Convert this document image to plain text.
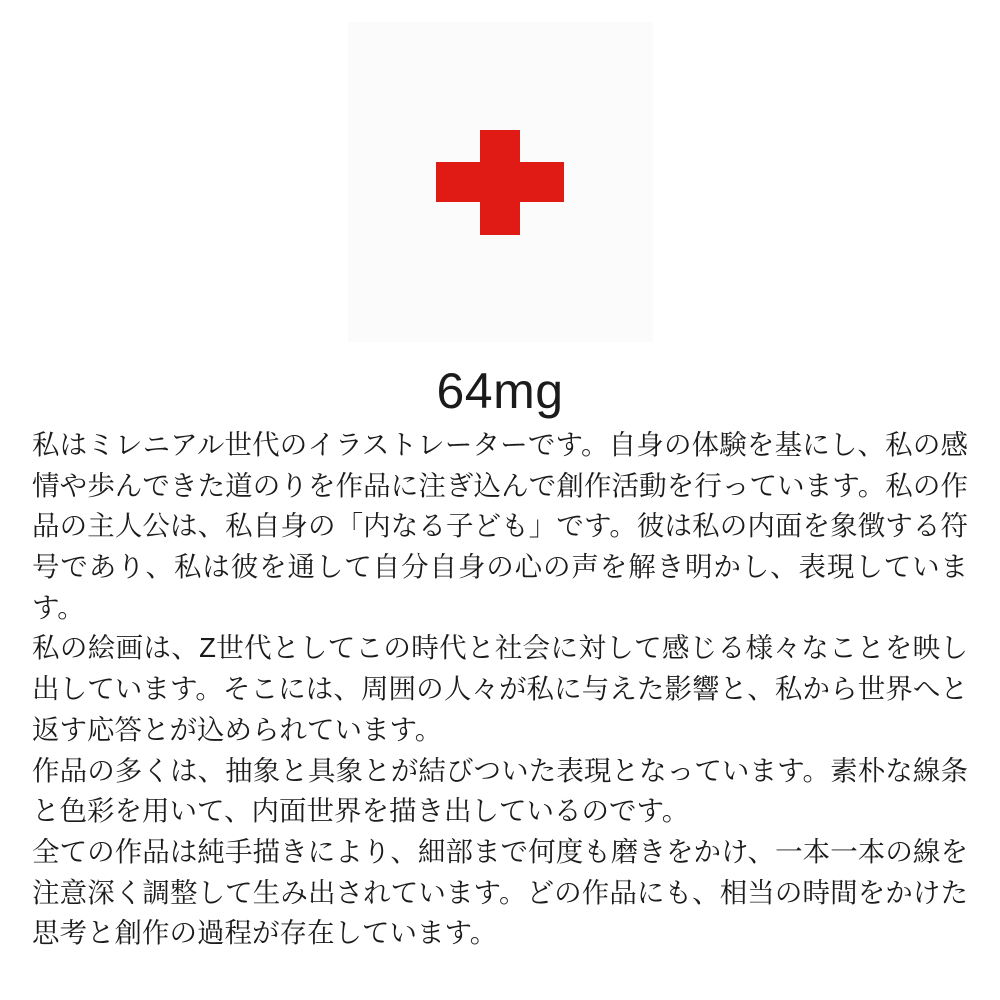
64mg

私はミレニアル世代のイラストレーターです。自身の体験を基にし、私の感情や歩んできた道のりを作品に注ぎ込んで創作活動を行っています。私の作品の主人公は、私自身の「内なる子ども」です。彼は私の内面を象徴する符号であり、私は彼を通して自分自身の心の声を解き明かし、表現しています。

私の絵画は、Z世代としてこの時代と社会に対して感じる様々なことを映し出しています。そこには、周囲の人々が私に与えた影響と、私から世界へと返す応答とが込められています。

作品の多くは、抽象と具象とが結びついた表現となっています。素朴な線条と色彩を用いて、内面世界を描き出しているのです。

全ての作品は純手描きにより、細部まで何度も磨きをかけ、一本一本の線を注意深く調整して生み出されています。どの作品にも、相当の時間をかけた思考と創作の過程が存在しています。
